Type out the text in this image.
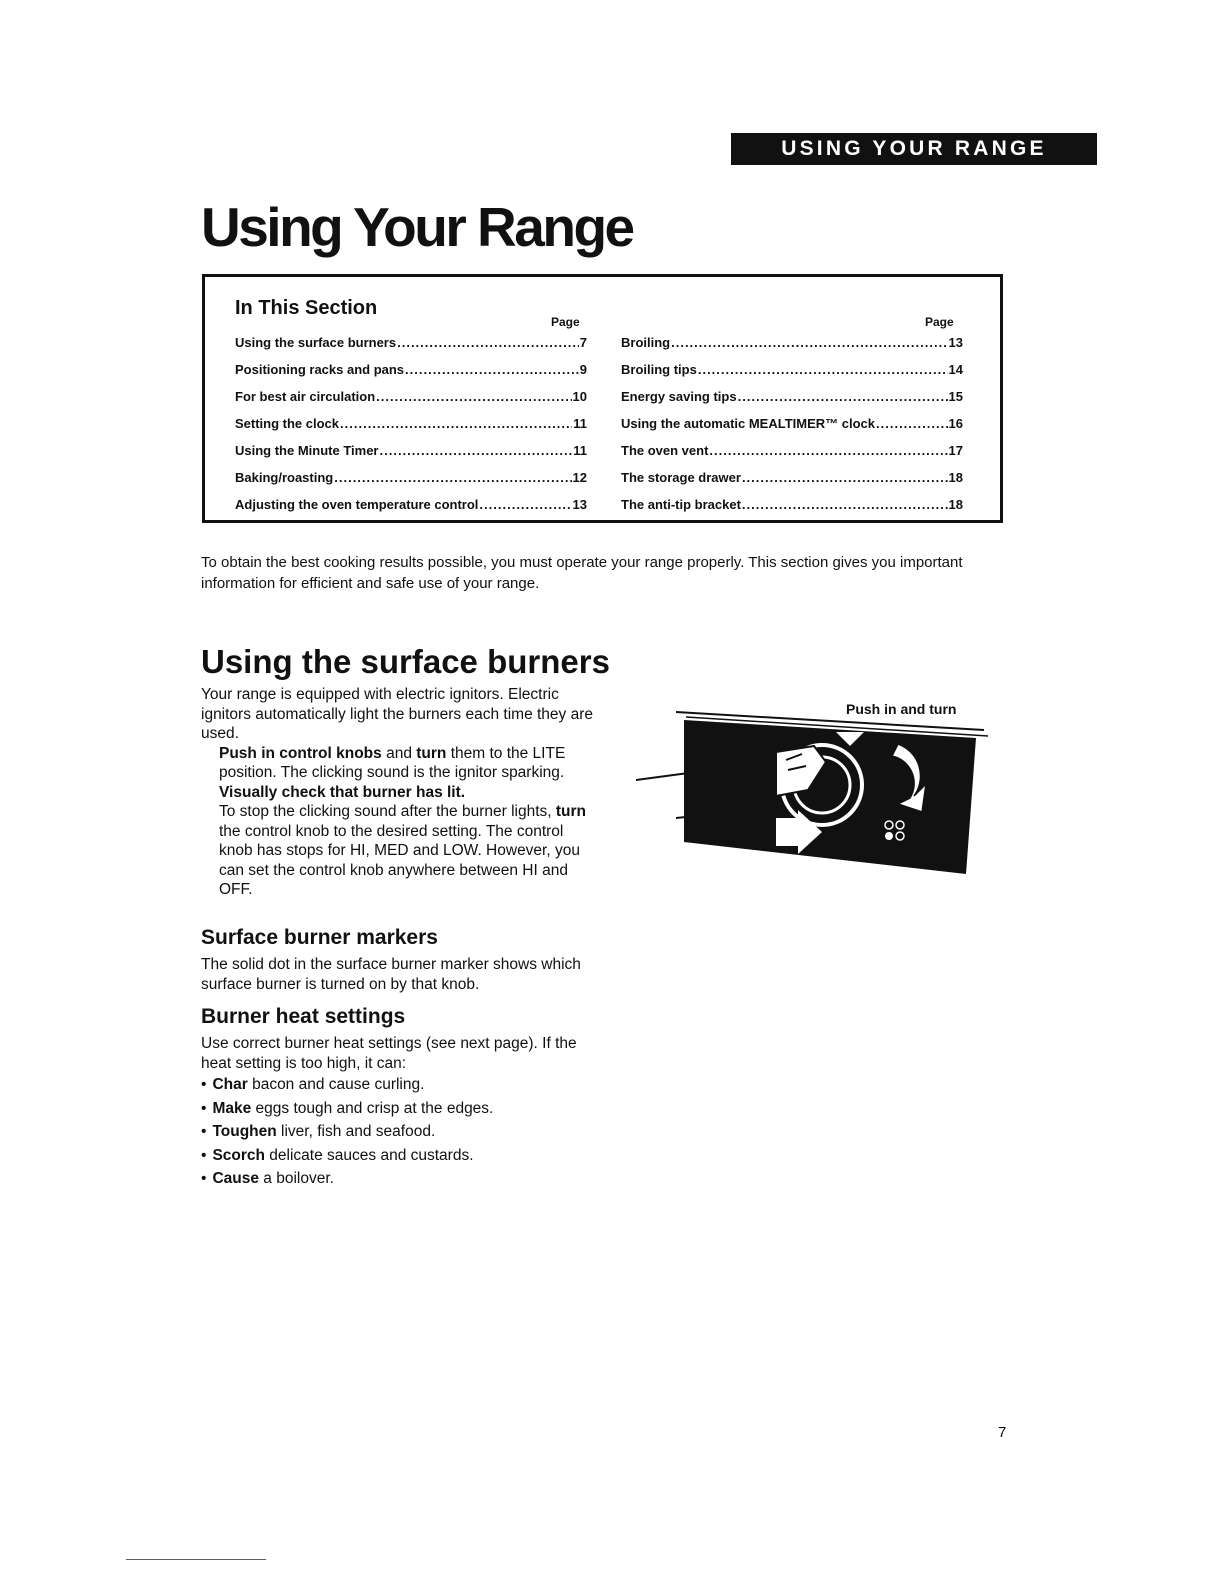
USING YOUR RANGE
Using Your Range
In This Section
Page	Page
Using the surface burners .....	7
Positioning racks and pans .....	9
For best air circulation .....	10
Setting the clock .....	11
Using the Minute Timer .....	11
Baking/roasting .....	12
Adjusting the oven temperature control .....	13
Broiling .....	13
Broiling tips .....	14
Energy saving tips .....	15
Using the automatic MEALTIMER™ clock .....	16
The oven vent .....	17
The storage drawer .....	18
The anti-tip bracket .....	18

To obtain the best cooking results possible, you must operate your range properly. This section gives you important information for efficient and safe use of your range.

Using the surface burners

Your range is equipped with electric ignitors. Electric ignitors automatically light the burners each time they are used.

Push in control knobs and turn them to the LITE position. The clicking sound is the ignitor sparking. Visually check that burner has lit.

To stop the clicking sound after the burner lights, turn the control knob to the desired setting. The control knob has stops for HI, MED and LOW. However, you can set the control knob anywhere between HI and OFF.

Push in and turn
Surface burner markers

The solid dot in the surface burner marker shows which surface burner is turned on by that knob.

Burner heat settings

Use correct burner heat settings (see next page). If the heat setting is too high, it can:

• Char bacon and cause curling.
• Make eggs tough and crisp at the edges.
• Toughen liver, fish and seafood.
• Scorch delicate sauces and custards.
• Cause a boilover.
7
